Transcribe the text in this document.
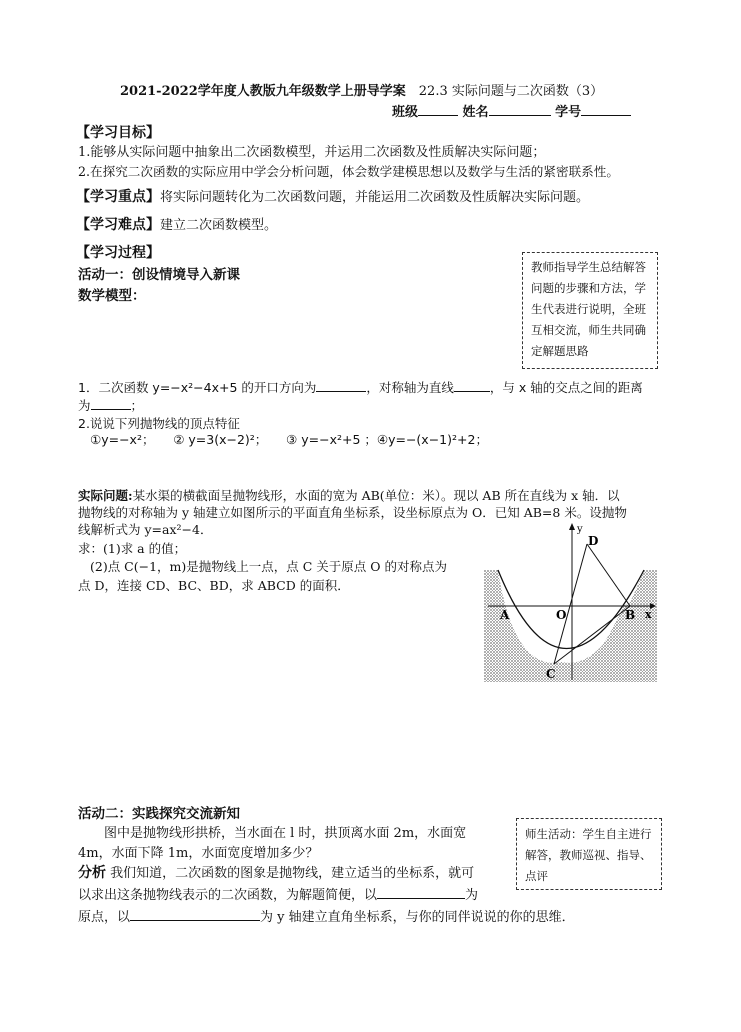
2021-2022学年度人教版九年级数学上册导学案　 22.3 实际问题与二次函数（3）
班级	姓名	学号
【学习目标】
1.能够从实际问题中抽象出二次函数模型，并运用二次函数及性质解决实际问题；
2.在探究二次函数的实际应用中学会分析问题，体会数学建模思想以及数学与生活的紧密联系性。
【学习重点】将实际问题转化为二次函数问题，并能运用二次函数及性质解决实际问题。
【学习难点】建立二次函数模型。
【学习过程】
活动一：创设情境导入新课
数学模型：
教师指导学生总结解答问题的步骤和方法，学生代表进行说明，全班互相交流，师生共同确定解题思路
1．二次函数 y=−x²−4x+5 的开口方向为	，对称轴为直线	，与 x 轴的交点之间的距离
为	；
2.说说下列抛物线的顶点特征
①y=−x²；　　② y=3(x−2)²；　　③ y=−x²+5 ；④y=−(x−1)²+2；
实际问题:某水渠的横截面呈抛物线形，水面的宽为 AB(单位：米）。现以 AB 所在直线为 x 轴．以
抛物线的对称轴为 y 轴建立如图所示的平面直角坐标系，设坐标原点为 O．已知 AB=8 米。设抛物
线解析式为 y=ax²−4．
求：(1)求 a 的值；
(2)点 C(−1，m)是抛物线上一点，点 C 关于原点 O 的对称点为
点 D，连接 CD、BC、BD，求 ABCD 的面积．
y
x
A	O	B
C
D
活动二：实践探究交流新知
图中是抛物线形拱桥，当水面在 l 时，拱顶离水面 2m，水面宽
4m，水面下降 1m，水面宽度增加多少？
师生活动：学生自主进行解答，教师巡视、指导、点评
分析 我们知道，二次函数的图象是抛物线，建立适当的坐标系，就可
以求出这条抛物线表示的二次函数，为解题简便，以	为
原点，以	为 y 轴建立直角坐标系，与你的同伴说说的你的思维．
